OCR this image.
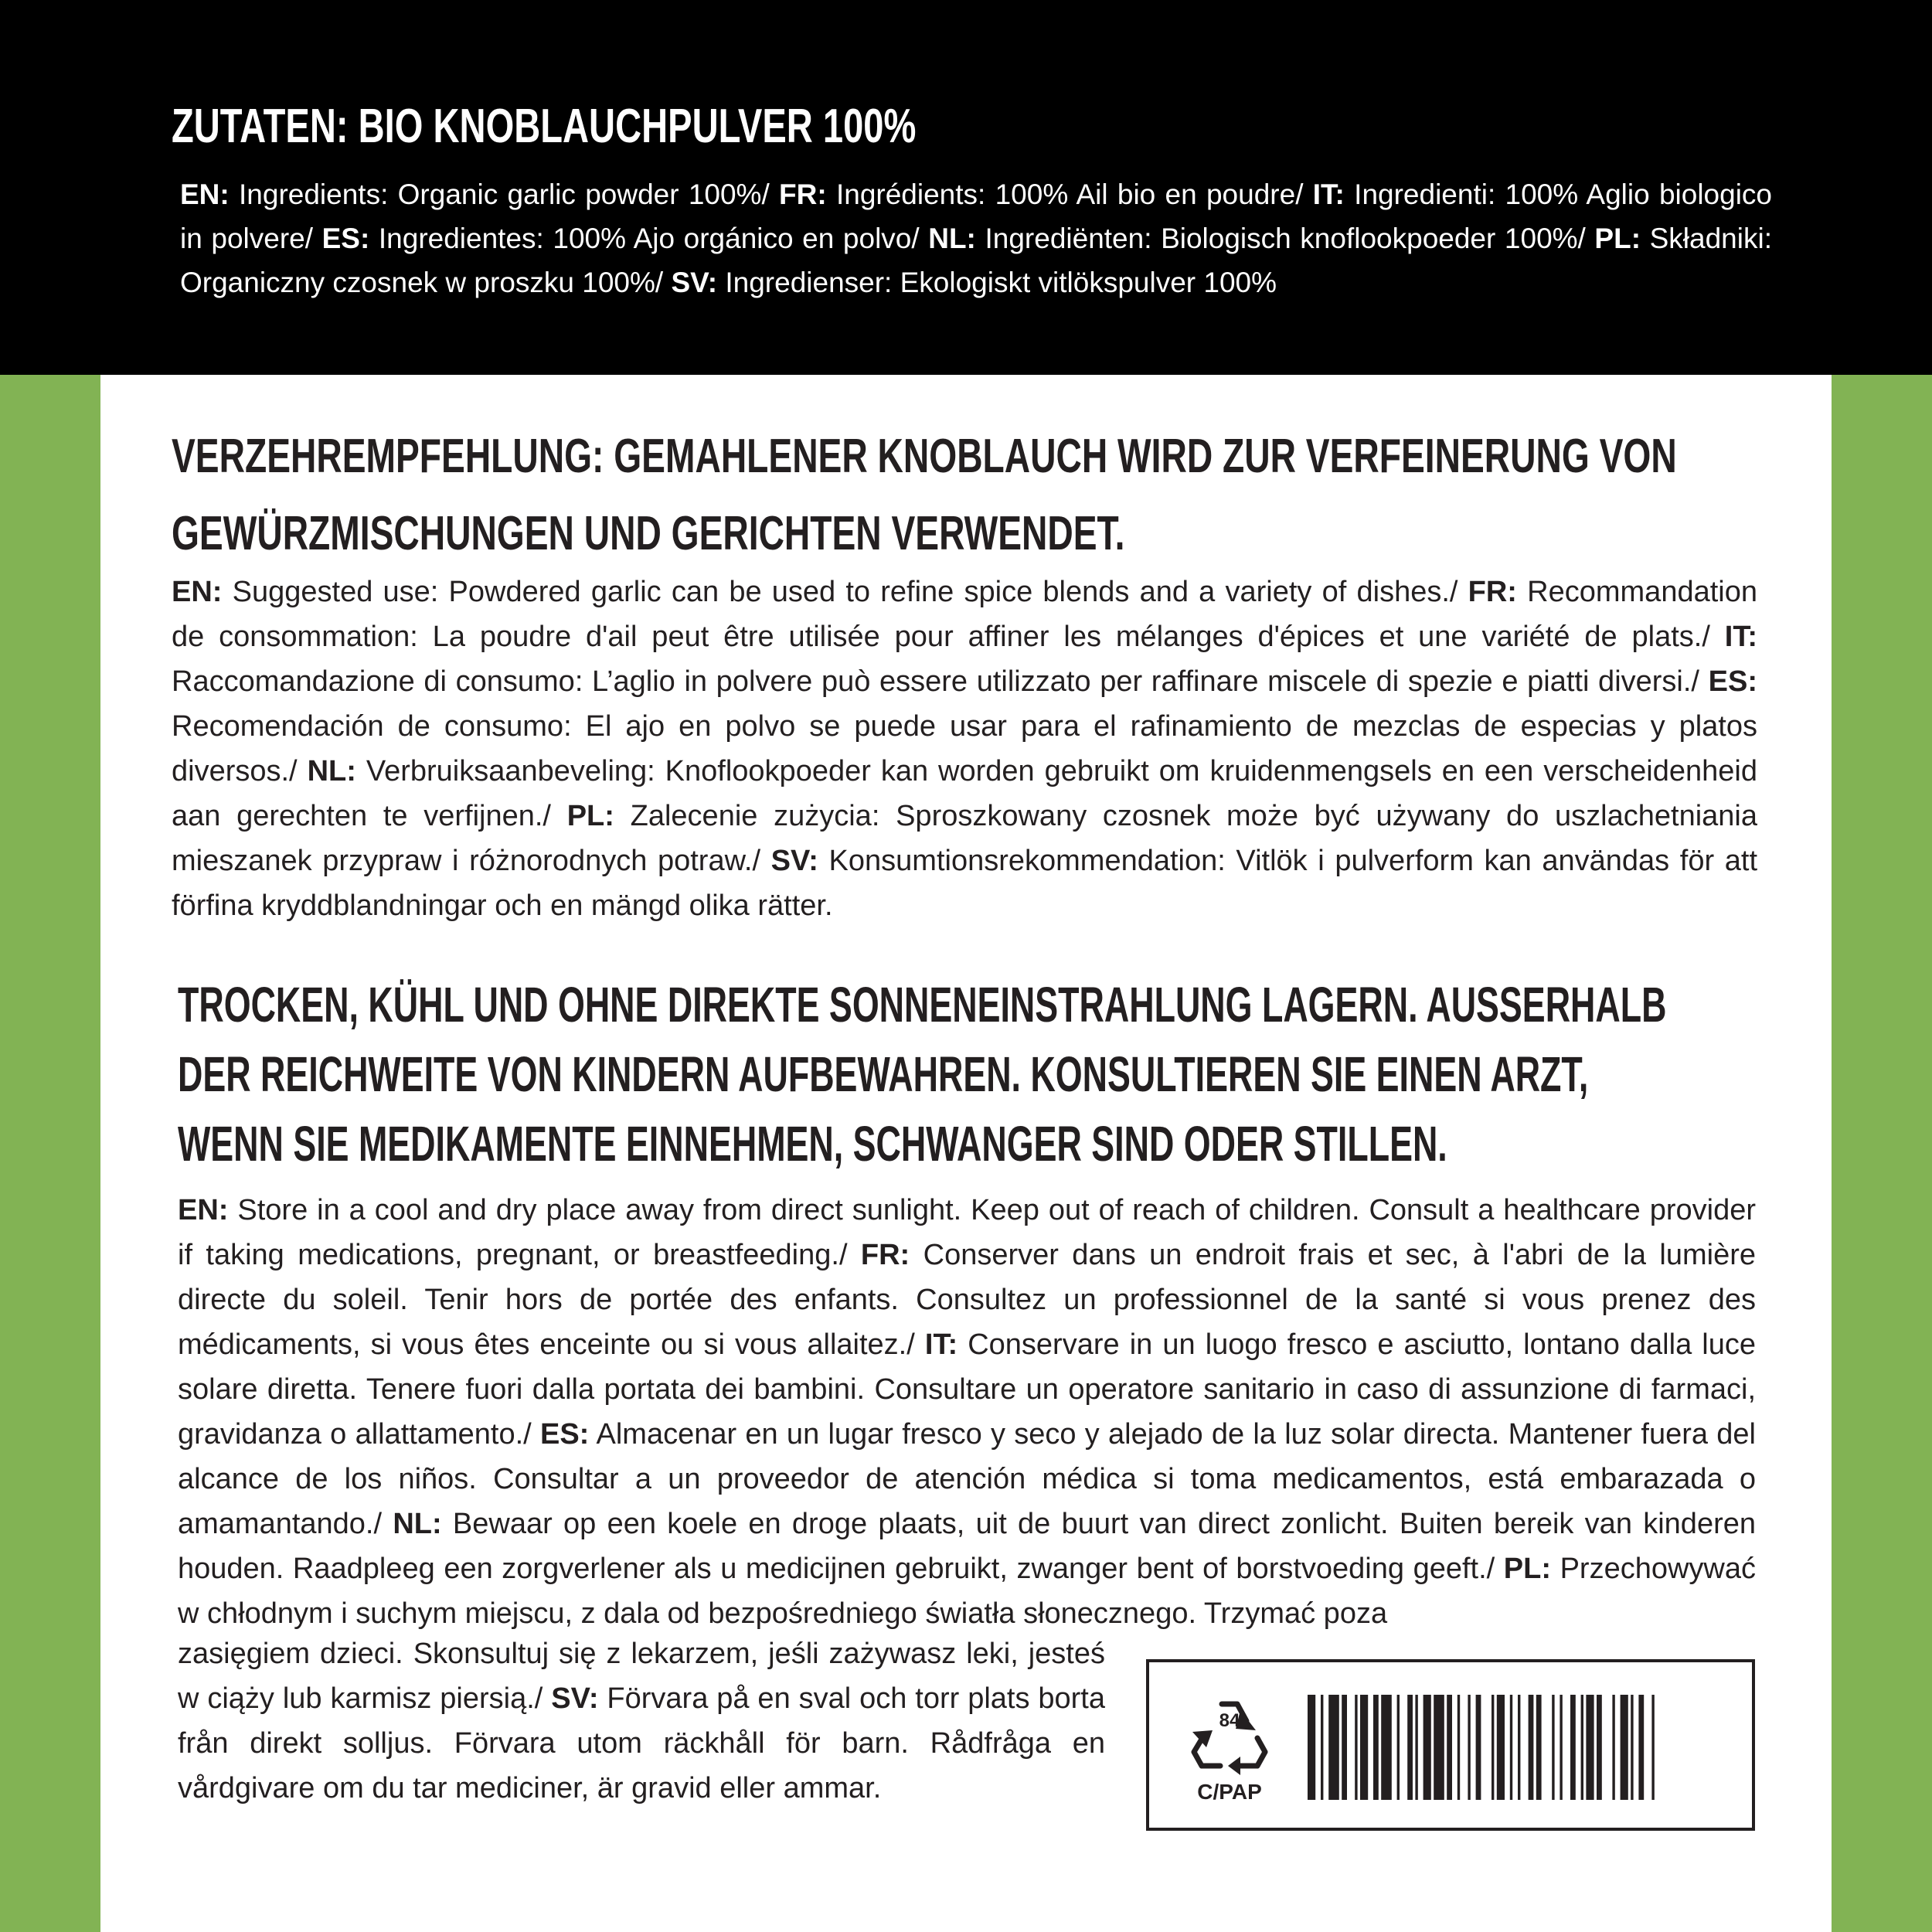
ZUTATEN: BIO KNOBLAUCHPULVER 100%

EN: Ingredients: Organic garlic powder 100%/ FR: Ingrédients: 100% Ail bio en poudre/ IT: Ingredienti: 100% Aglio biologico in polvere/ ES: Ingredientes: 100% Ajo orgánico en polvo/ NL: Ingrediënten: Biologisch knoflookpoeder 100%/ PL: Składniki: Organiczny czosnek w proszku 100%/ SV: Ingredienser: Ekologiskt vitlökspulver 100%

VERZEHREMPFEHLUNG: GEMAHLENER KNOBLAUCH WIRD ZUR VERFEINERUNG VON
GEWÜRZMISCHUNGEN UND GERICHTEN VERWENDET.

EN: Suggested use: Powdered garlic can be used to refine spice blends and a variety of dishes./ FR: Recommandation de consommation: La poudre d'ail peut être utilisée pour affiner les mélanges d'épices et une variété de plats./ IT: Raccomandazione di consumo: L’aglio in polvere può essere utilizzato per raffinare miscele di spezie e piatti diversi./ ES: Recomendación de consumo: El ajo en polvo se puede usar para el rafinamiento de mezclas de especias y platos diversos./ NL: Verbruiksaanbeveling: Knoflookpoeder kan worden gebruikt om kruidenmengsels en een verscheidenheid aan gerechten te verfijnen./ PL: Zalecenie zużycia: Sproszkowany czosnek może być używany do uszlachetniania mieszanek przypraw i różnorodnych potraw./ SV: Konsumtionsrekommendation: Vitlök i pulverform kan användas för att förfina kryddblandningar och en mängd olika rätter.

TROCKEN, KÜHL UND OHNE DIREKTE SONNENEINSTRAHLUNG LAGERN. AUSSERHALB
DER REICHWEITE VON KINDERN AUFBEWAHREN. KONSULTIEREN SIE EINEN ARZT,
WENN SIE MEDIKAMENTE EINNEHMEN, SCHWANGER SIND ODER STILLEN.

EN: Store in a cool and dry place away from direct sunlight. Keep out of reach of children. Consult a healthcare provider if taking medications, pregnant, or breastfeeding./ FR: Conserver dans un endroit frais et sec, à l'abri de la lumière directe du soleil. Tenir hors de portée des enfants. Consultez un professionnel de la santé si vous prenez des médicaments, si vous êtes enceinte ou si vous allaitez./ IT: Conservare in un luogo fresco e asciutto, lontano dalla luce solare diretta. Tenere fuori dalla portata dei bambini. Consultare un operatore sanitario in caso di assunzione di farmaci, gravidanza o allattamento./ ES: Almacenar en un lugar fresco y seco y alejado de la luz solar directa. Mantener fuera del alcance de los niños. Consultar a un proveedor de atención médica si toma medicamentos, está embarazada o amamantando./ NL: Bewaar op een koele en droge plaats, uit de buurt van direct zonlicht. Buiten bereik van kinderen houden. Raadpleeg een zorgverlener als u medicijnen gebruikt, zwanger bent of borstvoeding geeft./ PL: Przechowywać w chłodnym i suchym miejscu, z dala od bezpośredniego światła słonecznego. Trzymać poza

zasięgiem dzieci. Skonsultuj się z lekarzem, jeśli zażywasz leki, jesteś w ciąży lub karmisz piersią./ SV: Förvara på en sval och torr plats borta från direkt solljus. Förvara utom räckhåll för barn. Rådfråga en vårdgivare om du tar mediciner, är gravid eller ammar.

84
C/PAP
